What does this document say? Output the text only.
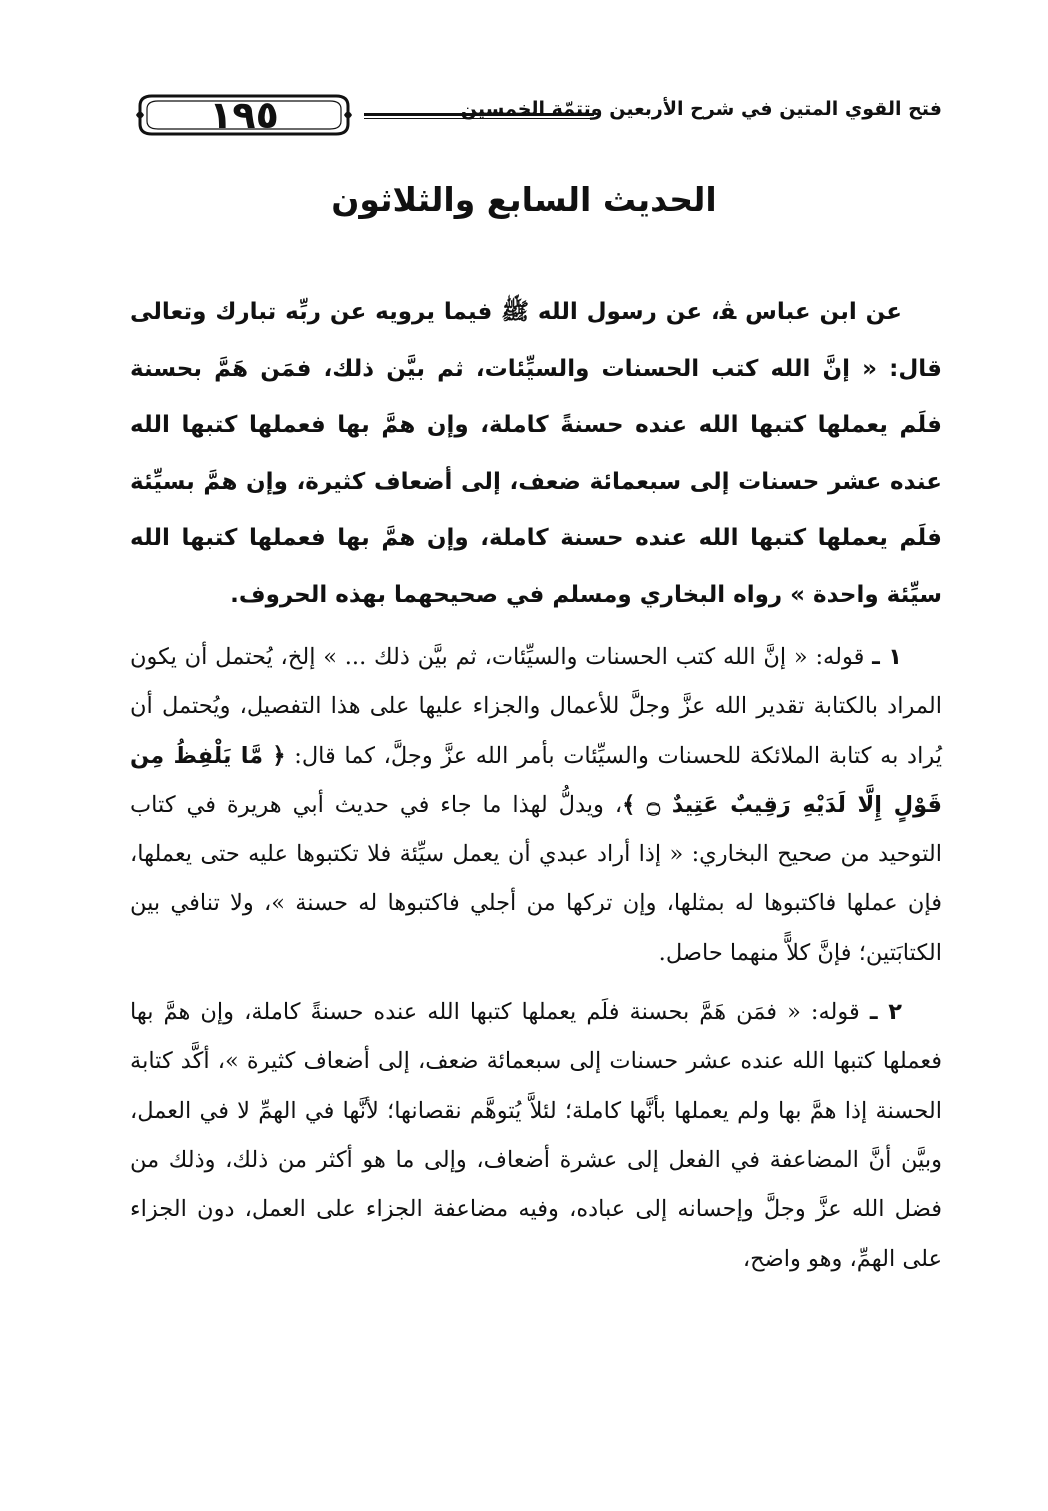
١٩٥	فتح القوي المتين في شرح الأربعين وتتمّة الخمسين
الحديث السابع والثلاثون

عن ابن عباس ﭭ، عن رسول الله ﷺ فيما يرويه عن ربِّه تبارك وتعالى قال: « إنَّ الله كتب الحسنات والسيِّئات، ثم بيَّن ذلك، فمَن هَمَّ بحسنة فلَم يعملها كتبها الله عنده حسنةً كاملة، وإن همَّ بها فعملها كتبها الله عنده عشر حسنات إلى سبعمائة ضعف، إلى أضعاف كثيرة، وإن همَّ بسيِّئة فلَم يعملها كتبها الله عنده حسنة كاملة، وإن همَّ بها فعملها كتبها الله سيِّئة واحدة » رواه البخاري ومسلم في صحيحهما بهذه الحروف.

١ ـ قوله: « إنَّ الله كتب الحسنات والسيِّئات، ثم بيَّن ذلك ... » إلخ، يُحتمل أن يكون المراد بالكتابة تقدير الله عزَّ وجلَّ للأعمال والجزاء عليها على هذا التفصيل، ويُحتمل أن يُراد به كتابة الملائكة للحسنات والسيِّئات بأمر الله عزَّ وجلَّ، كما قال: ﴿ مَّا يَلْفِظُ مِن قَوْلٍ إِلَّا لَدَيْهِ رَقِيبٌ عَتِيدٌ ۝ ﴾، ويدلُّ لهذا ما جاء في حديث أبي هريرة في كتاب التوحيد من صحيح البخاري: « إذا أراد عبدي أن يعمل سيِّئة فلا تكتبوها عليه حتى يعملها، فإن عملها فاكتبوها له بمثلها، وإن تركها من أجلي فاكتبوها له حسنة »، ولا تنافي بين الكتابَتين؛ فإنَّ كلاًّ منهما حاصل.

٢ ـ قوله: « فمَن هَمَّ بحسنة فلَم يعملها كتبها الله عنده حسنةً كاملة، وإن همَّ بها فعملها كتبها الله عنده عشر حسنات إلى سبعمائة ضعف، إلى أضعاف كثيرة »، أكَّد كتابة الحسنة إذا همَّ بها ولم يعملها بأنَّها كاملة؛ لئلاَّ يُتوهَّم نقصانها؛ لأنَّها في الهمِّ لا في العمل، وبيَّن أنَّ المضاعفة في الفعل إلى عشرة أضعاف، وإلى ما هو أكثر من ذلك، وذلك من فضل الله عزَّ وجلَّ وإحسانه إلى عباده، وفيه مضاعفة الجزاء على العمل، دون الجزاء على الهمِّ، وهو واضح،
